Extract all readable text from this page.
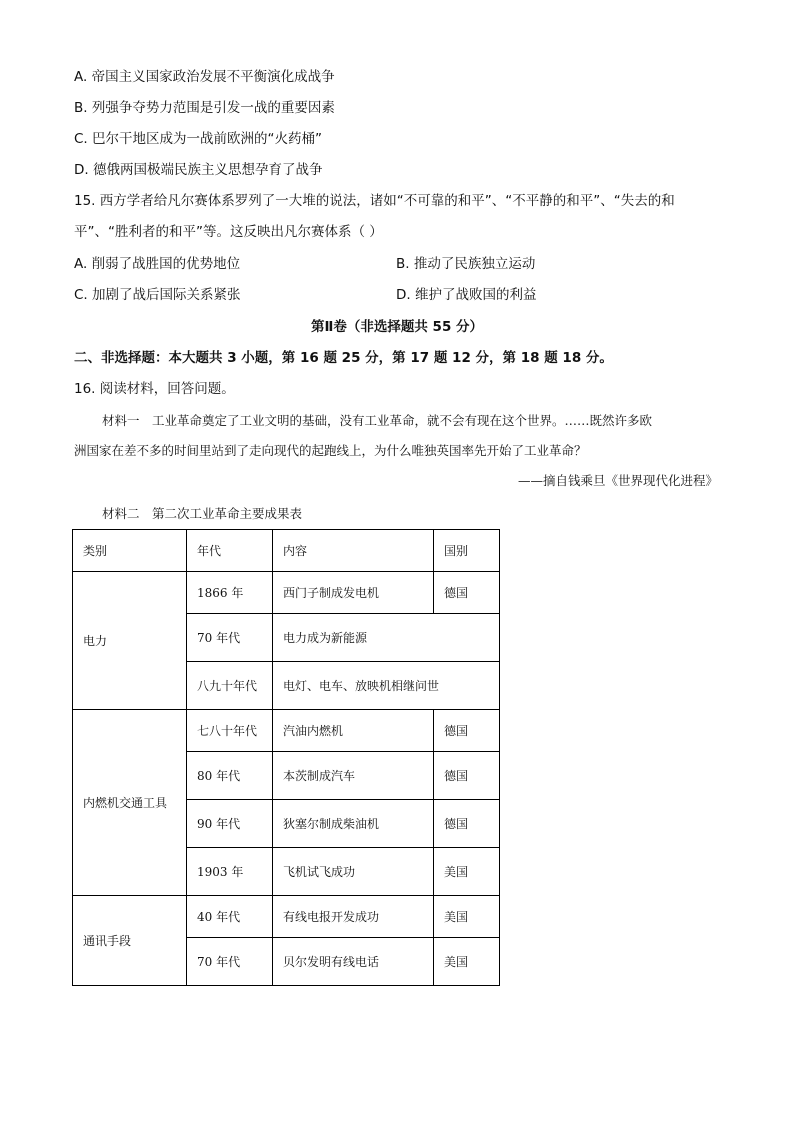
A. 帝国主义国家政治发展不平衡演化成战争
B. 列强争夺势力范围是引发一战的重要因素
C. 巴尔干地区成为一战前欧洲的“火药桶”
D. 德俄两国极端民族主义思想孕育了战争
15. 西方学者给凡尔赛体系罗列了一大堆的说法，诸如“不可靠的和平”、“不平静的和平”、“失去的和
平”、“胜利者的和平”等。这反映出凡尔赛体系（ ）
A. 削弱了战胜国的优势地位	B. 推动了民族独立运动
C. 加剧了战后国际关系紧张	D. 维护了战败国的利益
第Ⅱ卷（非选择题共 55 分）
二、非选择题：本大题共 3 小题，第 16 题 25 分，第 17 题 12 分，第 18 题 18 分。
16. 阅读材料，回答问题。
材料一　工业革命奠定了工业文明的基础，没有工业革命，就不会有现在这个世界。……既然许多欧
洲国家在差不多的时间里站到了走向现代的起跑线上，为什么唯独英国率先开始了工业革命？
——摘自钱乘旦《世界现代化进程》
材料二　第二次工业革命主要成果表
类别	年代	内容	国别
电力	1866 年	西门子制成发电机	德国
	70 年代	电力成为新能源	
	八九十年代	电灯、电车、放映机相继问世	
内燃机交通工具	七八十年代	汽油内燃机	德国
	80 年代	本茨制成汽车	德国
	90 年代	狄塞尔制成柴油机	德国
	1903 年	飞机试飞成功	美国
通讯手段	40 年代	有线电报开发成功	美国
	70 年代	贝尔发明有线电话	美国
